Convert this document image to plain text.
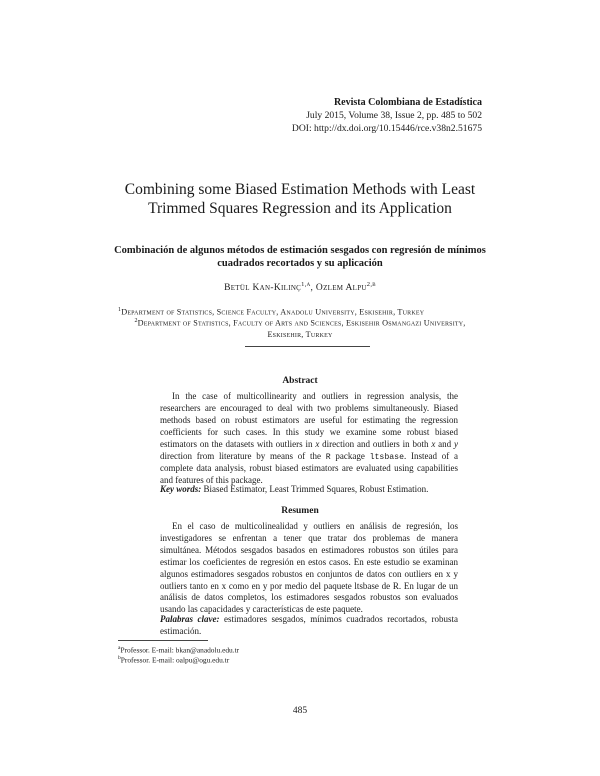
Revista Colombiana de Estadística
July 2015, Volume 38, Issue 2, pp. 485 to 502
DOI: http://dx.doi.org/10.15446/rce.v38n2.51675
Combining some Biased Estimation Methods with Least Trimmed Squares Regression and its Application
Combinación de algunos métodos de estimación sesgados con regresión de mínimos cuadrados recortados y su aplicación
Betül Kan-Kilinç$^{1,a}$, Ozlem Alpu$^{2,b}$
$^1$Department of Statistics, Science Faculty, Anadolu University, Eskisehir, Turkey
$^2$Department of Statistics, Faculty of Arts and Sciences, Eskisehir Osmangazi University, Eskisehir, Turkey
Abstract
In the case of multicollinearity and outliers in regression analysis, the researchers are encouraged to deal with two problems simultaneously. Biased methods based on robust estimators are useful for estimating the regression coefficients for such cases. In this study we examine some robust biased estimators on the datasets with outliers in x direction and outliers in both x and y direction from literature by means of the R package ltsbase. Instead of a complete data analysis, robust biased estimators are evaluated using capabilities and features of this package.
Key words: Biased Estimator, Least Trimmed Squares, Robust Estimation.
Resumen
En el caso de multicolinealidad y outliers en análisis de regresión, los investigadores se enfrentan a tener que tratar dos problemas de manera simultánea. Métodos sesgados basados en estimadores robustos son útiles para estimar los coeficientes de regresión en estos casos. En este estudio se examinan algunos estimadores sesgados robustos en conjuntos de datos con outliers en x y outliers tanto en x como en y por medio del paquete ltsbase de R. En lugar de un análisis de datos completos, los estimadores sesgados robustos son evaluados usando las capacidades y características de este paquete.
Palabras clave: estimadores sesgados, mínimos cuadrados recortados, robusta estimación.
$^a$Professor. E-mail: bkan@anadolu.edu.tr
$^b$Professor. E-mail: oalpu@ogu.edu.tr
485
